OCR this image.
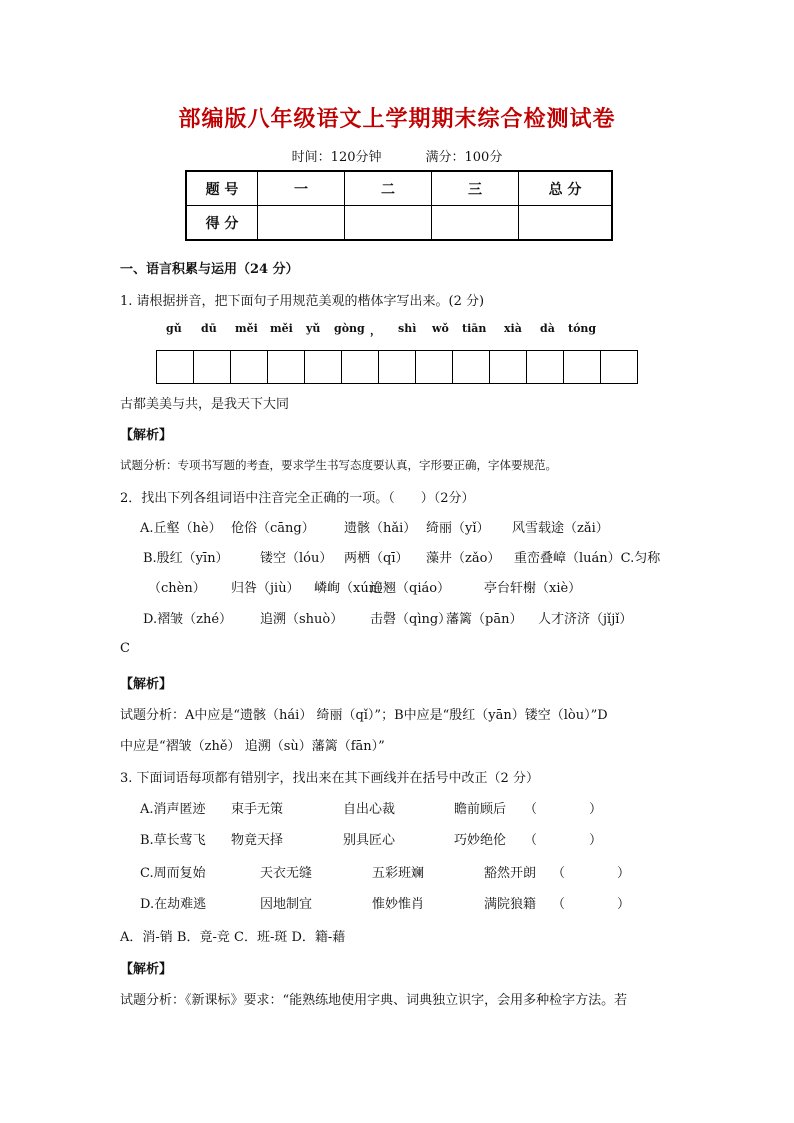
部编版八年级语文上学期期末综合检测试卷
时间：120分钟	满分：100分
题 号	一	二	三	总 分
得 分				
一、语言积累与运用（24 分）
1. 请根据拼音，把下面句子用规范美观的楷体字写出来。(2 分)
gǔ dū měi měi yǔ gòng ， shì wǒ tiān xià dà tóng
古都美美与共，是我天下大同
【解析】
试题分析：专项书写题的考查，要求学生书写态度要认真，字形要正确，字体要规范。
2．找出下列各组词语中注音完全正确的一项。（　　）（2分）
A.丘壑（hè） 伧俗（cāng） 遗骸（hǎi） 绮丽（yǐ） 风雪载途（zǎi）
B.殷红（yīn） 镂空（lóu） 两栖（qī） 藻井（zǎo） 重峦叠嶂（luán）C.匀称
（chèn） 归咎（jiù） 嶙峋（xún）
连翘（qiáo）	亭台轩榭（xiè）
D.褶皱（zhé） 追溯（shuò） 击磬（qìng）
藩篱（pān） 人才济济（jǐjǐ）
C
【解析】
试题分析：A中应是“遗骸（hái） 绮丽（qǐ）”；B中应是“殷红（yān）镂空（lòu）”D
中应是“褶皱（zhě） 追溯（sù）藩篱（fān）”
3. 下面词语每项都有错别字，找出来在其下画线并在括号中改正（2 分）
A.消声匿迹 束手无策	自出心裁	瞻前顾后 （　　　　）
B.草长莺飞 物竟天择	别具匠心	巧妙绝伦 （　　　　）
C.周而复始	天衣无缝	五彩班斓	豁然开朗 （　　　　）
D.在劫难逃	因地制宜	惟妙惟肖	满院狼籍 （　　　　）
A．消-销 B．竟-竞 C．班-斑 D．籍-藉
【解析】
试题分析：《新课标》要求：“能熟练地使用字典、词典独立识字，会用多种检字方法。若
